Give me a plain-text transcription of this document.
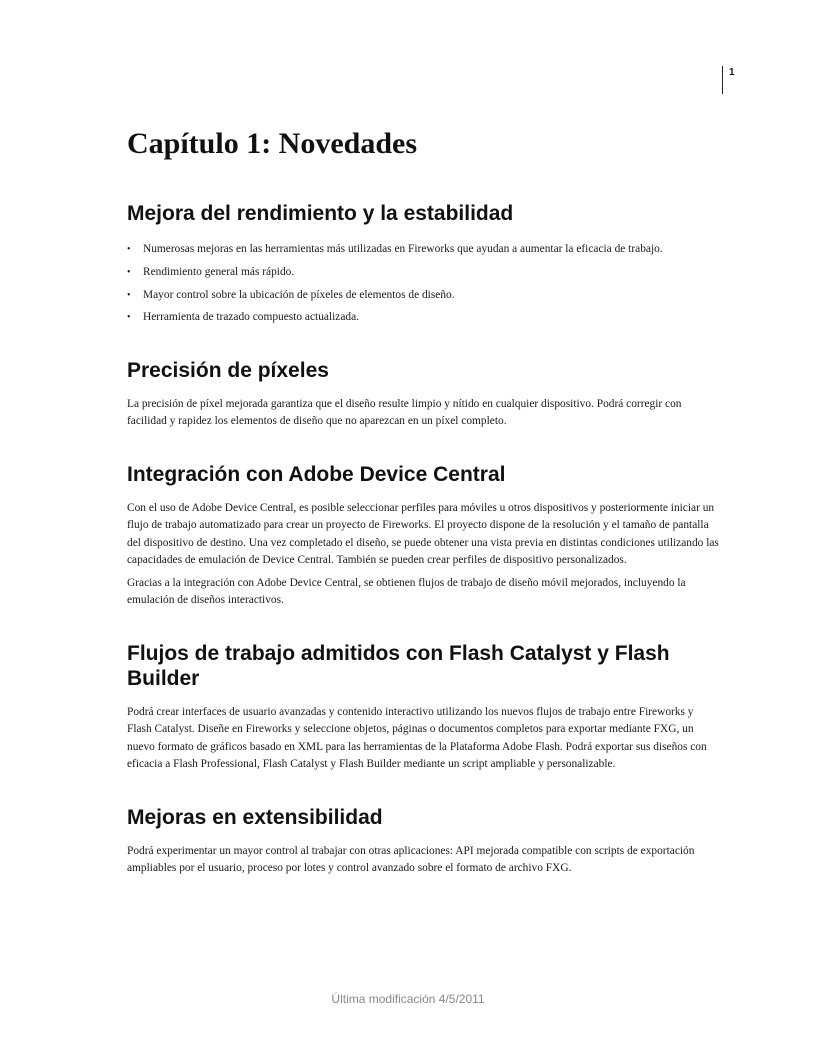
1
Capítulo 1: Novedades
Mejora del rendimiento y la estabilidad
• Numerosas mejoras en las herramientas más utilizadas en Fireworks que ayudan a aumentar la eficacia de trabajo.
• Rendimiento general más rápido.
• Mayor control sobre la ubicación de píxeles de elementos de diseño.
• Herramienta de trazado compuesto actualizada.
Precisión de píxeles

La precisión de píxel mejorada garantiza que el diseño resulte limpio y nítido en cualquier dispositivo. Podrá corregir con facilidad y rapidez los elementos de diseño que no aparezcan en un píxel completo.

Integración con Adobe Device Central

Con el uso de Adobe Device Central, es posible seleccionar perfiles para móviles u otros dispositivos y posteriormente iniciar un flujo de trabajo automatizado para crear un proyecto de Fireworks. El proyecto dispone de la resolución y el tamaño de pantalla del dispositivo de destino. Una vez completado el diseño, se puede obtener una vista previa en distintas condiciones utilizando las capacidades de emulación de Device Central. También se pueden crear perfiles de dispositivo personalizados.

Gracias a la integración con Adobe Device Central, se obtienen flujos de trabajo de diseño móvil mejorados, incluyendo la emulación de diseños interactivos.

Flujos de trabajo admitidos con Flash Catalyst y Flash Builder

Podrá crear interfaces de usuario avanzadas y contenido interactivo utilizando los nuevos flujos de trabajo entre Fireworks y Flash Catalyst. Diseñe en Fireworks y seleccione objetos, páginas o documentos completos para exportar mediante FXG, un nuevo formato de gráficos basado en XML para las herramientas de la Plataforma Adobe Flash. Podrá exportar sus diseños con eficacia a Flash Professional, Flash Catalyst y Flash Builder mediante un script ampliable y personalizable.

Mejoras en extensibilidad

Podrá experimentar un mayor control al trabajar con otras aplicaciones: API mejorada compatible con scripts de exportación ampliables por el usuario, proceso por lotes y control avanzado sobre el formato de archivo FXG.

Última modificación 4/5/2011
